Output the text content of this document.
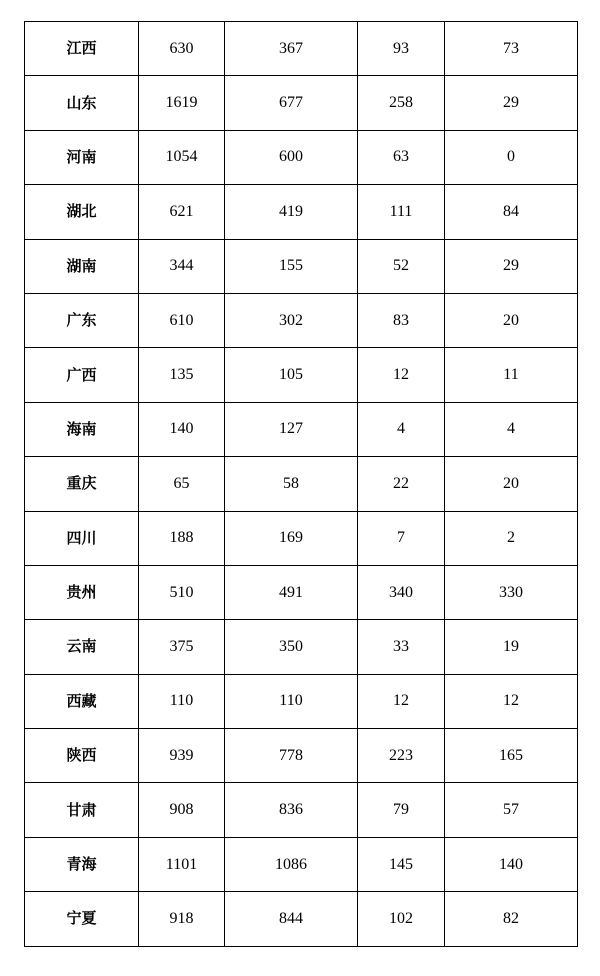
江西	630	367	93	73
山东	1619	677	258	29
河南	1054	600	63	0
湖北	621	419	111	84
湖南	344	155	52	29
广东	610	302	83	20
广西	135	105	12	11
海南	140	127	4	4
重庆	65	58	22	20
四川	188	169	7	2
贵州	510	491	340	330
云南	375	350	33	19
西藏	110	110	12	12
陕西	939	778	223	165
甘肃	908	836	79	57
青海	1101	1086	145	140
宁夏	918	844	102	82
